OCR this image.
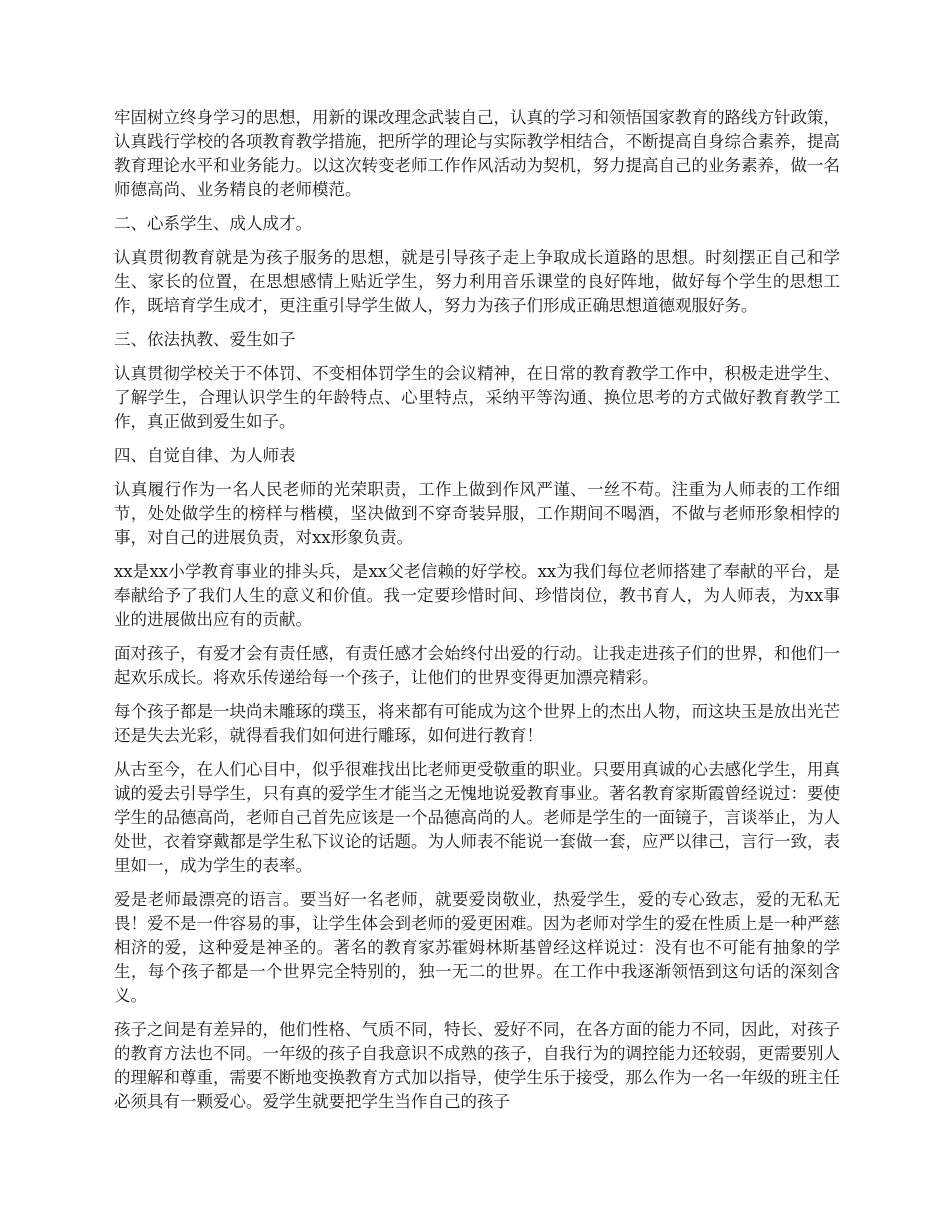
牢固树立终身学习的思想，用新的课改理念武装自己，认真的学习和领悟国家教育的路线方针政策，认真践行学校的各项教育教学措施，把所学的理论与实际教学相结合，不断提高自身综合素养，提高教育理论水平和业务能力。以这次转变老师工作作风活动为契机，努力提高自己的业务素养，做一名师德高尚、业务精良的老师模范。

二、心系学生、成人成才。

认真贯彻教育就是为孩子服务的思想，就是引导孩子走上争取成长道路的思想。时刻摆正自己和学生、家长的位置，在思想感情上贴近学生，努力利用音乐课堂的良好阵地，做好每个学生的思想工作，既培育学生成才，更注重引导学生做人，努力为孩子们形成正确思想道德观服好务。

三、依法执教、爱生如子

认真贯彻学校关于不体罚、不变相体罚学生的会议精神，在日常的教育教学工作中，积极走进学生、了解学生，合理认识学生的年龄特点、心里特点，采纳平等沟通、换位思考的方式做好教育教学工作，真正做到爱生如子。

四、自觉自律、为人师表

认真履行作为一名人民老师的光荣职责，工作上做到作风严谨、一丝不苟。注重为人师表的工作细节，处处做学生的榜样与楷模，坚决做到不穿奇装异服，工作期间不喝酒，不做与老师形象相悖的事，对自己的进展负责，对xx形象负责。

xx是xx小学教育事业的排头兵，是xx父老信赖的好学校。xx为我们每位老师搭建了奉献的平台，是奉献给予了我们人生的意义和价值。我一定要珍惜时间、珍惜岗位，教书育人，为人师表，为xx事业的进展做出应有的贡献。

面对孩子，有爱才会有责任感，有责任感才会始终付出爱的行动。让我走进孩子们的世界，和他们一起欢乐成长。将欢乐传递给每一个孩子，让他们的世界变得更加漂亮精彩。

每个孩子都是一块尚未雕琢的璞玉，将来都有可能成为这个世界上的杰出人物，而这块玉是放出光芒还是失去光彩，就得看我们如何进行雕琢，如何进行教育！

从古至今，在人们心目中，似乎很难找出比老师更受敬重的职业。只要用真诚的心去感化学生，用真诚的爱去引导学生，只有真的爱学生才能当之无愧地说爱教育事业。著名教育家斯霞曾经说过：要使学生的品德高尚，老师自己首先应该是一个品德高尚的人。老师是学生的一面镜子，言谈举止，为人处世，衣着穿戴都是学生私下议论的话题。为人师表不能说一套做一套，应严以律己，言行一致，表里如一，成为学生的表率。

爱是老师最漂亮的语言。要当好一名老师，就要爱岗敬业，热爱学生，爱的专心致志，爱的无私无畏！爱不是一件容易的事，让学生体会到老师的爱更困难。因为老师对学生的爱在性质上是一种严慈相济的爱，这种爱是神圣的。著名的教育家苏霍姆林斯基曾经这样说过：没有也不可能有抽象的学生，每个孩子都是一个世界完全特别的，独一无二的世界。在工作中我逐渐领悟到这句话的深刻含义。

孩子之间是有差异的，他们性格、气质不同，特长、爱好不同，在各方面的能力不同，因此，对孩子的教育方法也不同。一年级的孩子自我意识不成熟的孩子，自我行为的调控能力还较弱，更需要别人的理解和尊重，需要不断地变换教育方式加以指导，使学生乐于接受，那么作为一名一年级的班主任必须具有一颗爱心。爱学生就要把学生当作自己的孩子
